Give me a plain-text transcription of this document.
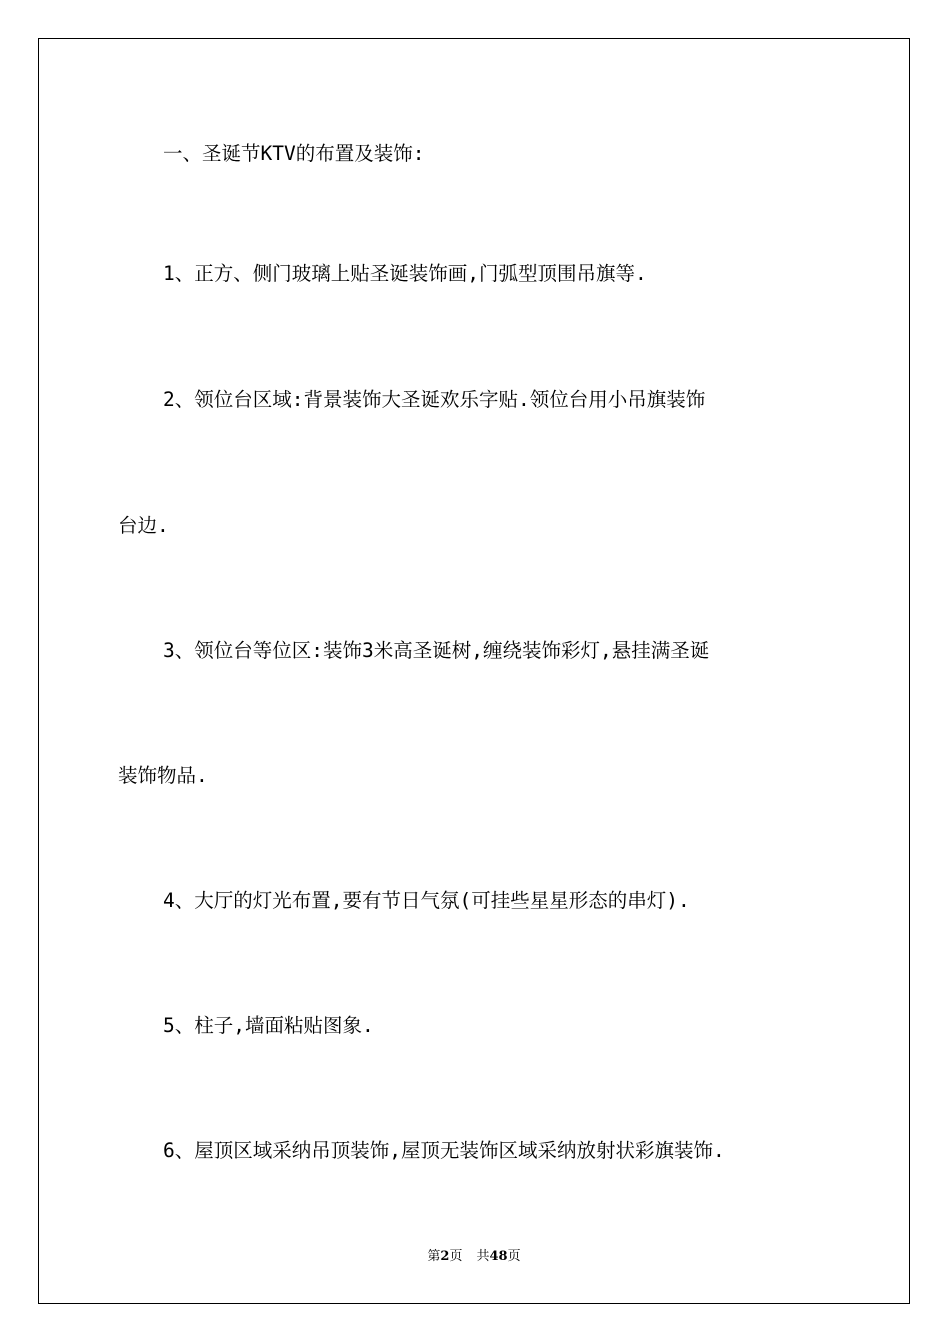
一、圣诞节KTV的布置及装饰:

1、正方、侧门玻璃上贴圣诞装饰画,门弧型顶围吊旗等.

2、领位台区域:背景装饰大圣诞欢乐字贴.领位台用小吊旗装饰

台边.

3、领位台等位区:装饰3米高圣诞树,缠绕装饰彩灯,悬挂满圣诞

装饰物品.

4、大厅的灯光布置,要有节日气氛(可挂些星星形态的串灯).

5、柱子,墙面粘贴图象.

6、屋顶区域采纳吊顶装饰,屋顶无装饰区域采纳放射状彩旗装饰.

第2页 共48页
